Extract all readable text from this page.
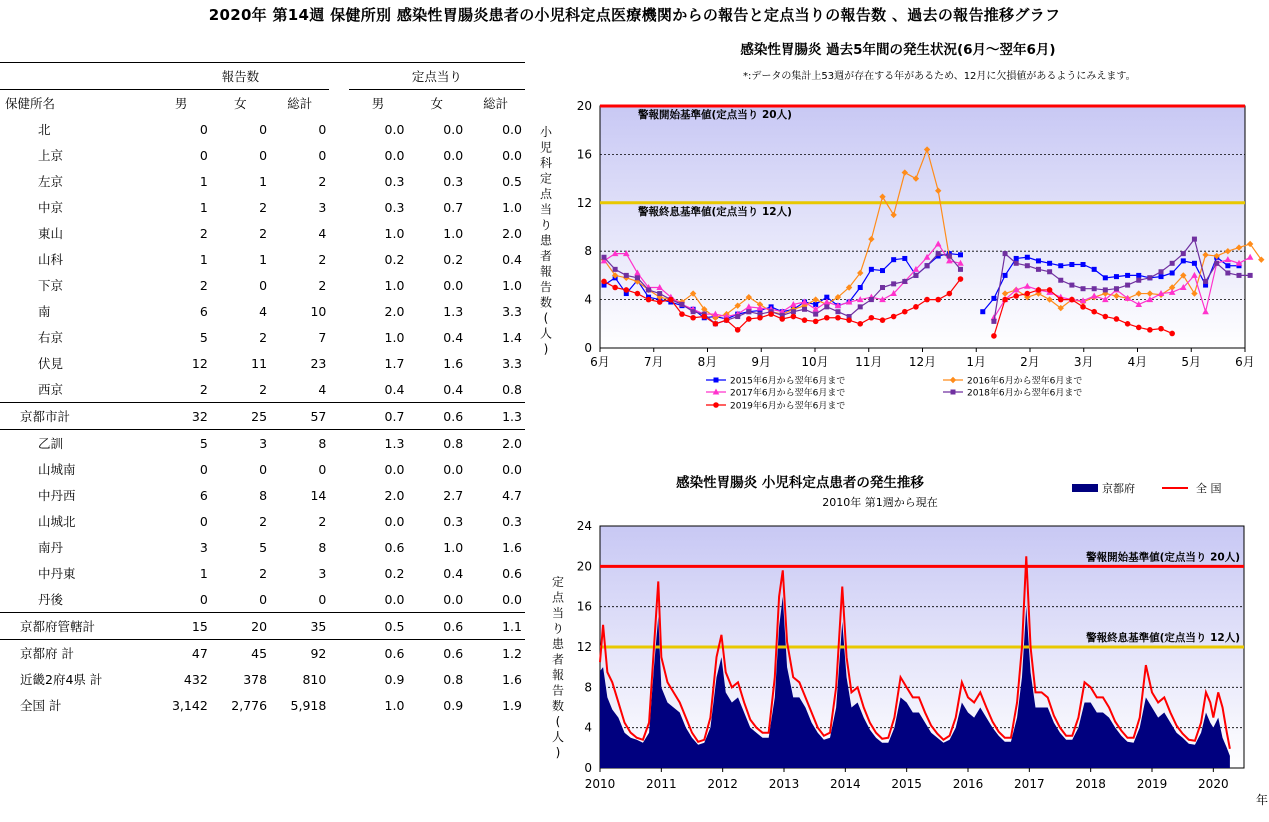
2020年 第14週 保健所別 感染性胃腸炎患者の小児科定点医療機関からの報告と定点当りの報告数 、過去の報告推移グラフ
	報告数				定点当り		
保健所名	男	女	総計		男	女	総計
北	0	0	0		0.0	0.0	0.0
上京	0	0	0		0.0	0.0	0.0
左京	1	1	2		0.3	0.3	0.5
中京	1	2	3		0.3	0.7	1.0
東山	2	2	4		1.0	1.0	2.0
山科	1	1	2		0.2	0.2	0.4
下京	2	0	2		1.0	0.0	1.0
南	6	4	10		2.0	1.3	3.3
右京	5	2	7		1.0	0.4	1.4
伏見	12	11	23		1.7	1.6	3.3
西京	2	2	4		0.4	0.4	0.8
京都市計	32	25	57		0.7	0.6	1.3
乙訓	5	3	8		1.3	0.8	2.0
山城南	0	0	0		0.0	0.0	0.0
中丹西	6	8	14		2.0	2.7	4.7
山城北	0	2	2		0.0	0.3	0.3
南丹	3	5	8		0.6	1.0	1.6
中丹東	1	2	3		0.2	0.4	0.6
丹後	0	0	0		0.0	0.0	0.0
京都府管轄計	15	20	35		0.5	0.6	1.1
京都府 計	47	45	92		0.6	0.6	1.2
近畿2府4県 計	432	378	810		0.9	0.8	1.6
全国 計	3,142	2,776	5,918		1.0	0.9	1.9
感染性胃腸炎 過去5年間の発生状況(6月～翌年6月)
*:データの集計上53週が存在する年があるため、12月に欠損値があるようにみえます。
0
4
8
12
16
20
警報開始基準値(定点当り 20人)
警報終息基準値(定点当り 12人)
6月	7月	8月	9月	10月 11月 12月	1月	2月	3月	4月	5月	6月
小
児
科
定
点
当
り
患
者
報
告
数
(
人
)
2015年6月から翌年6月まで	2016年6月から翌年6月まで
2017年6月から翌年6月まで	2018年6月から翌年6月まで
2019年6月から翌年6月まで
感染性胃腸炎 小児科定点患者の発生推移
2010年 第1週から現在
0
4
8
12
16
20
24
2010	2011	2012	2013	2014	2015	2016	2017	2018	2019	2020
年
定
点
当
り
患
者
報
告
数
(
人
)
警報開始基準値(定点当り 20人)
警報終息基準値(定点当り 12人)
京都府	全 国
